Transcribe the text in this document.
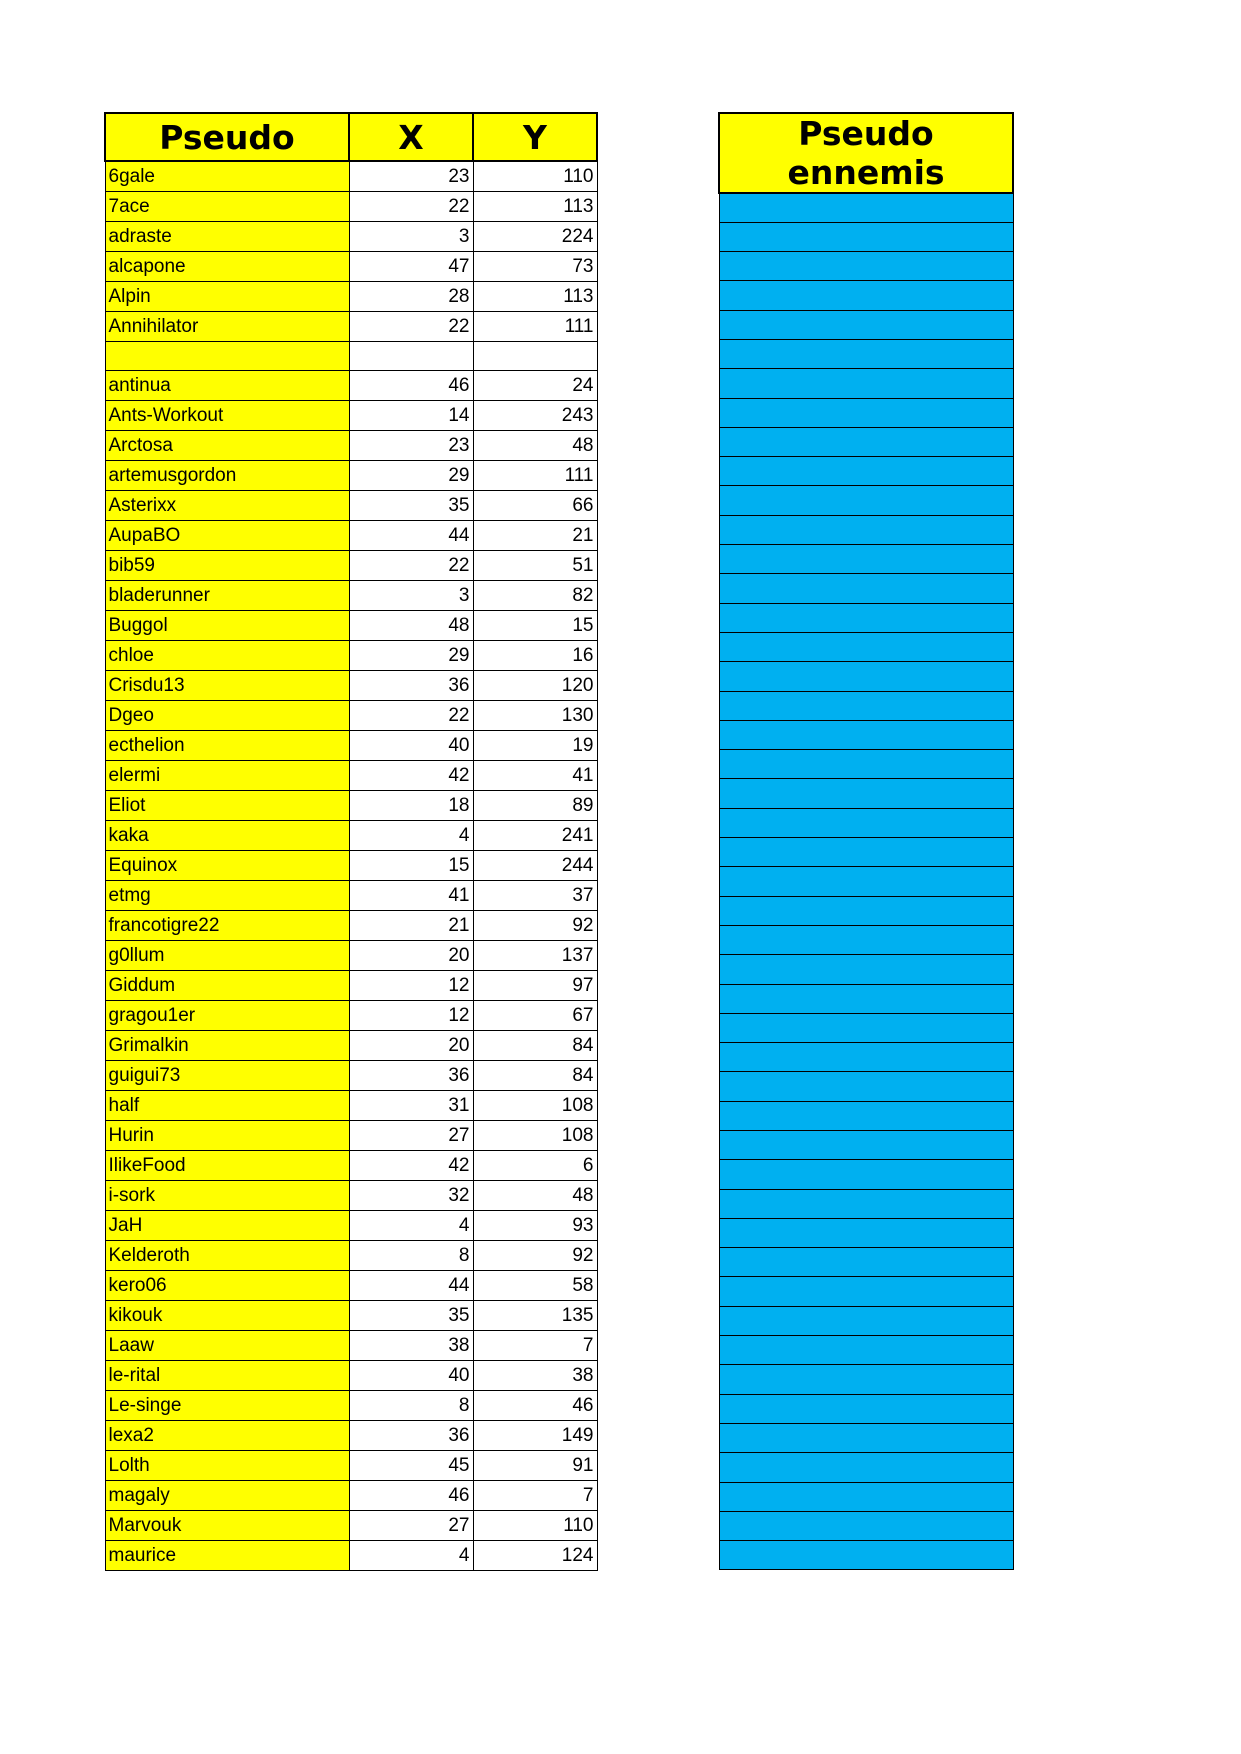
Pseudo	X	Y
6gale	23	110
7ace	22	113
adraste	3	224
alcapone	47	73
Alpin	28	113
Annihilator	22	111

antinua	46	24
Ants-Workout	14	243
Arctosa	23	48
artemusgordon	29	111
Asterixx	35	66
AupaBO	44	21
bib59	22	51
bladerunner	3	82
Buggol	48	15
chloe	29	16
Crisdu13	36	120
Dgeo	22	130
ecthelion	40	19
elermi	42	41
Eliot	18	89
kaka	4	241
Equinox	15	244
etmg	41	37
francotigre22	21	92
g0llum	20	137
Giddum	12	97
gragou1er	12	67
Grimalkin	20	84
guigui73	36	84
half	31	108
Hurin	27	108
IlikeFood	42	6
i-sork	32	48
JaH	4	93
Kelderoth	8	92
kero06	44	58
kikouk	35	135
Laaw	38	7
le-rital	40	38
Le-singe	8	46
lexa2	36	149
Lolth	45	91
magaly	46	7
Marvouk	27	110
maurice	4	124
Pseudo ennemis
